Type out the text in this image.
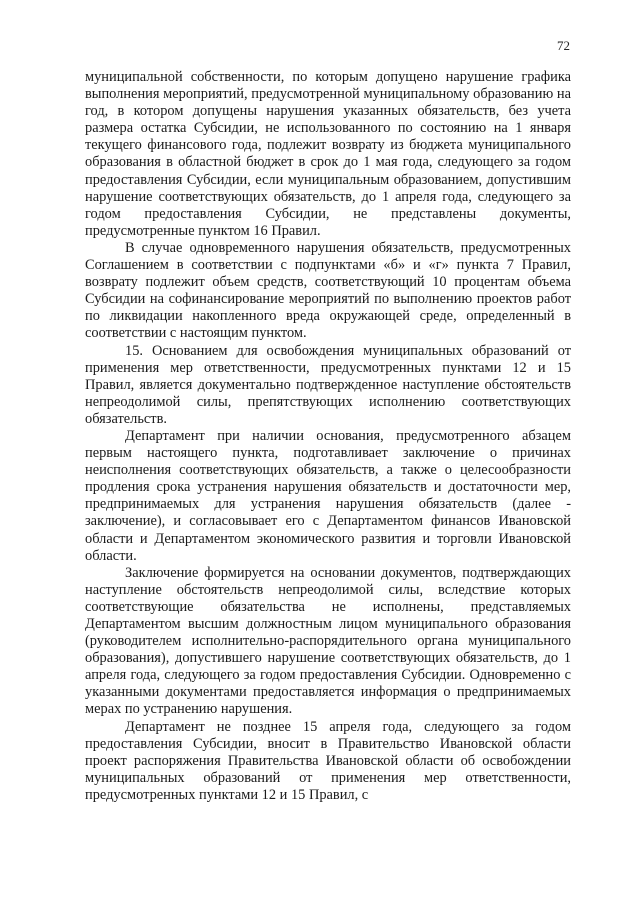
72

муниципальной собственности, по которым допущено нарушение графика выполнения мероприятий, предусмотренной муниципальному образованию на год, в котором допущены нарушения указанных обязательств, без учета размера остатка Субсидии, не использованного по состоянию на 1 января текущего финансового года, подлежит возврату из бюджета муниципального образования в областной бюджет в срок до 1 мая года, следующего за годом предоставления Субсидии, если муниципальным образованием, допустившим нарушение соответствующих обязательств, до 1 апреля года, следующего за годом предоставления Субсидии, не представлены документы, предусмотренные пунктом 16 Правил.

В случае одновременного нарушения обязательств, предусмотренных Соглашением в соответствии с подпунктами «б» и «г» пункта 7 Правил, возврату подлежит объем средств, соответствующий 10 процентам объема Субсидии на софинансирование мероприятий по выполнению проектов работ по ликвидации накопленного вреда окружающей среде, определенный в соответствии с настоящим пунктом.

15. Основанием для освобождения муниципальных образований от применения мер ответственности, предусмотренных пунктами 12 и 15 Правил, является документально подтвержденное наступление обстоятельств непреодолимой силы, препятствующих исполнению соответствующих обязательств.

Департамент при наличии основания, предусмотренного абзацем первым настоящего пункта, подготавливает заключение о причинах неисполнения соответствующих обязательств, а также о целесообразности продления срока устранения нарушения обязательств и достаточности мер, предпринимаемых для устранения нарушения обязательств (далее - заключение), и согласовывает его с Департаментом финансов Ивановской области и Департаментом экономического развития и торговли Ивановской области.

Заключение формируется на основании документов, подтверждающих наступление обстоятельств непреодолимой силы, вследствие которых соответствующие обязательства не исполнены, представляемых Департаментом высшим должностным лицом муниципального образования (руководителем исполнительно-распорядительного органа муниципального образования), допустившего нарушение соответствующих обязательств, до 1 апреля года, следующего за годом предоставления Субсидии. Одновременно с указанными документами предоставляется информация о предпринимаемых мерах по устранению нарушения.

Департамент не позднее 15 апреля года, следующего за годом предоставления Субсидии, вносит в Правительство Ивановской области проект распоряжения Правительства Ивановской области об освобождении муниципальных образований от применения мер ответственности, предусмотренных пунктами 12 и 15 Правил, с
